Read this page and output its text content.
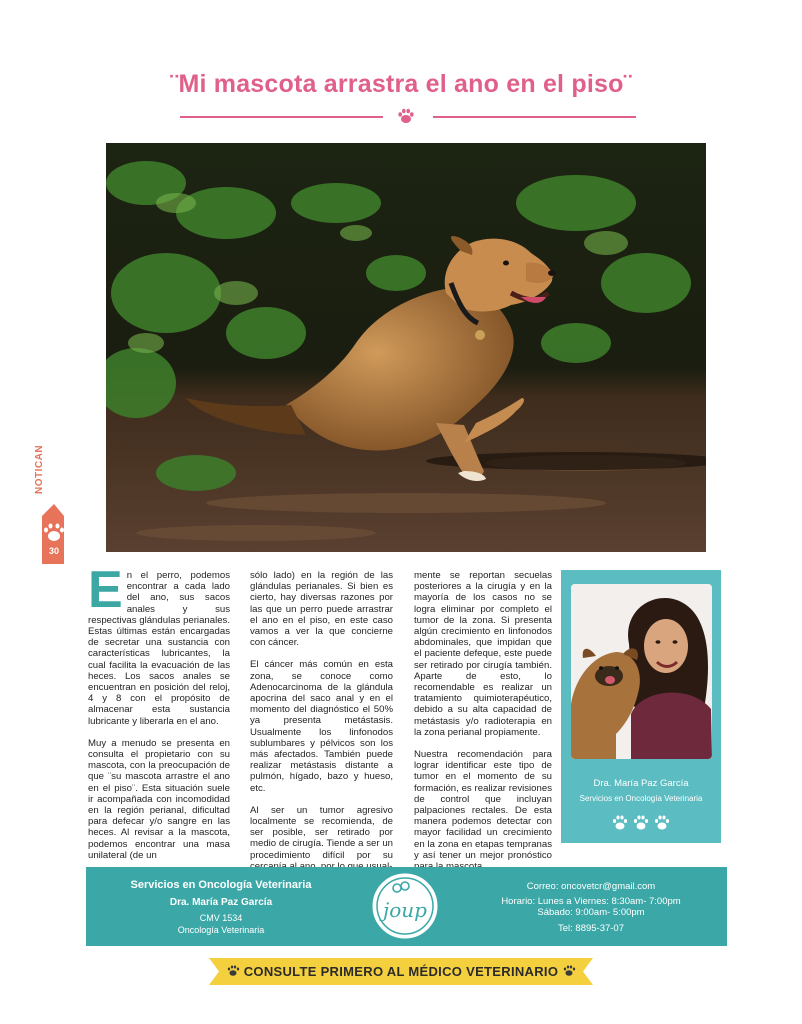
¨Mi mascota arrastra el ano en el piso¨
NOTICAN
30

En el perro, podemos encontrar a cada lado del ano, sus sacos anales y sus respectivas glándulas perianales. Estas últimas están encargadas de secretar una sustancia con características lubricantes, la cual facilita la evacuación de las heces. Los sacos anales se encuentran en posición del reloj, 4 y 8 con el propósito de almacenar esta sustancia lubricante y liberarla en el ano.

Muy a menudo se presenta en consulta el propietario con su mascota, con la preocupación de que ¨su mascota arrastre el ano en el piso¨. Esta situación suele ir acompañada con incomodidad en la región perianal, dificultad para defecar y/o sangre en las heces. Al revisar a la mascota, podemos encontrar una masa unilateral (de un

sólo lado) en la región de las glándulas perianales. Si bien es cierto, hay diversas razones por las que un perro puede arrastrar el ano en el piso, en este caso vamos a ver la que concierne con cáncer.

El cáncer más común en esta zona, se conoce como Adenocarcinoma de la glándula apocrina del saco anal y en el momento del diagnóstico el 50% ya presenta metástasis. Usualmente los linfonodos sublumbares y pélvicos son los más afectados. También puede realizar metástasis distante a pulmón, hígado, bazo y hueso, etc.

Al ser un tumor agresivo localmente se recomienda, de ser posible, ser retirado por medio de cirugía. Tiende a ser un procedimiento difícil por su

mente se reportan secuelas posteriores a la cirugía y en la mayoría de los casos no se logra eliminar por completo el tumor de la zona. Si presenta algún crecimiento en linfonodos abdominales, que impidan que el paciente defeque, este puede ser retirado por cirugía también. Aparte de esto, lo recomendable es realizar un tratamiento quimioterapéutico, debido a su alta capacidad de metástasis y/o radioterapia en la zona perianal propiamente.

Nuestra recomendación para lograr identificar este tipo de tumor en el momento de su formación, es realizar revisiones de control que incluyan palpaciones rectales. De esta manera podemos detectar con mayor facilidad un crecimiento en la zona en etapas tempranas y así tener un mejor pronóstico

Dra. María Paz García
Servicios en Oncología Veterinaria
Servicios en Oncología Veterinaria
Dra. María Paz García
CMV 1534
Oncología Veterinaria
joup
Correo: oncovetcr@gmail.com
Horario: Lunes a Viernes: 8:30am- 7:00pm
Sábado: 9:00am- 5:00pm
Tel: 8895-37-07
CONSULTE PRIMERO AL MÉDICO VETERINARIO
